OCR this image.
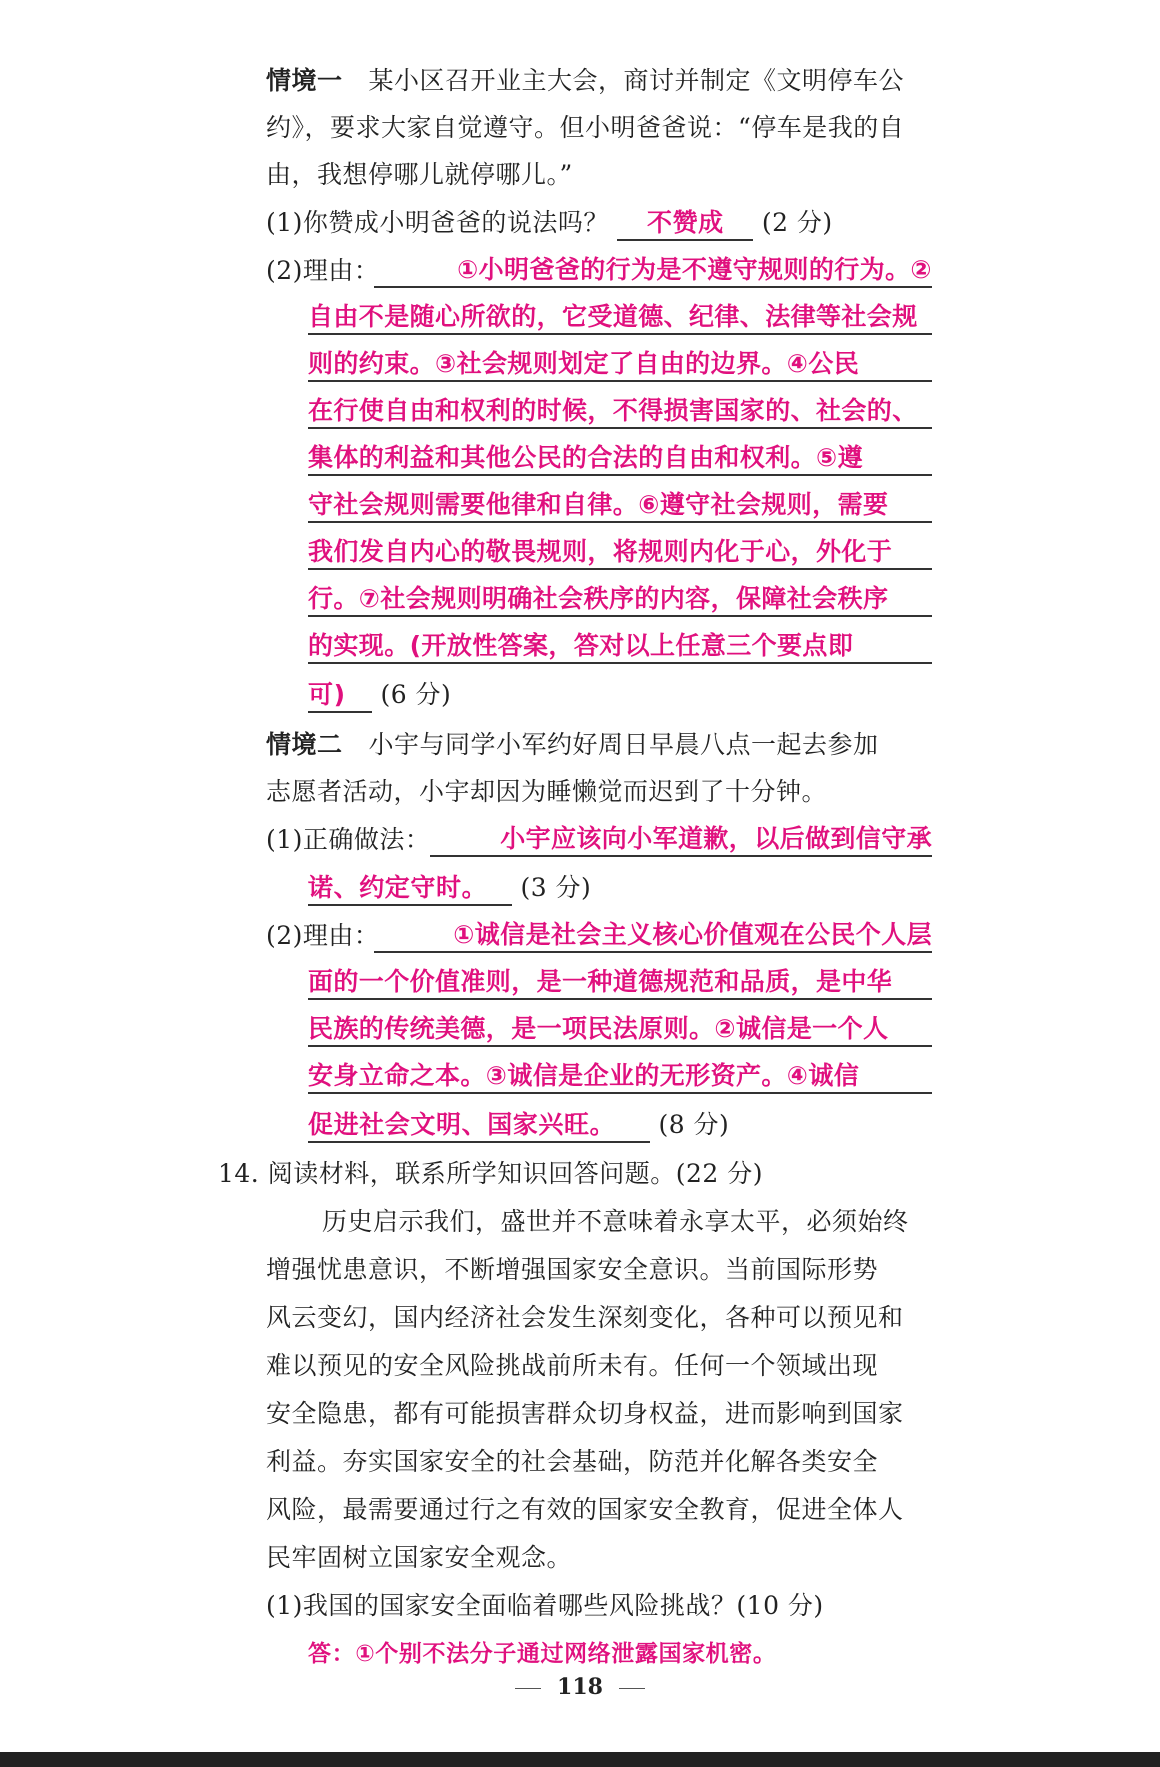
情境一 某小区召开业主大会，商讨并制定《文明停车公
约》，要求大家自觉遵守。但小明爸爸说：“停车是我的自
由，我想停哪儿就停哪儿。”
(1)你赞成小明爸爸的说法吗？ 不赞成 (2 分)
(2)理由：	①小明爸爸的行为是不遵守规则的行为。②
自由不是随心所欲的，它受道德、纪律、法律等社会规
则的约束。③社会规则划定了自由的边界。④公民
在行使自由和权利的时候，不得损害国家的、社会的、
集体的利益和其他公民的合法的自由和权利。⑤遵
守社会规则需要他律和自律。⑥遵守社会规则，需要
我们发自内心的敬畏规则，将规则内化于心，外化于
行。⑦社会规则明确社会秩序的内容，保障社会秩序
的实现。(开放性答案，答对以上任意三个要点即
可) (6 分)
情境二 小宇与同学小军约好周日早晨八点一起去参加
志愿者活动，小宇却因为睡懒觉而迟到了十分钟。
(1)正确做法：	小宇应该向小军道歉，以后做到信守承
诺、约定守时。 (3 分)
(2)理由：	①诚信是社会主义核心价值观在公民个人层
面的一个价值准则，是一种道德规范和品质，是中华
民族的传统美德，是一项民法原则。②诚信是一个人
安身立命之本。③诚信是企业的无形资产。④诚信
促进社会文明、国家兴旺。 (8 分)
14. 阅读材料，联系所学知识回答问题。(22 分)
历史启示我们，盛世并不意味着永享太平，必须始终
增强忧患意识，不断增强国家安全意识。当前国际形势
风云变幻，国内经济社会发生深刻变化，各种可以预见和
难以预见的安全风险挑战前所未有。任何一个领域出现
安全隐患，都有可能损害群众切身权益，进而影响到国家
利益。夯实国家安全的社会基础，防范并化解各类安全
风险，最需要通过行之有效的国家安全教育，促进全体人
民牢固树立国家安全观念。
(1)我国的国家安全面临着哪些风险挑战？(10 分)
答：①个别不法分子通过网络泄露国家机密。
118
